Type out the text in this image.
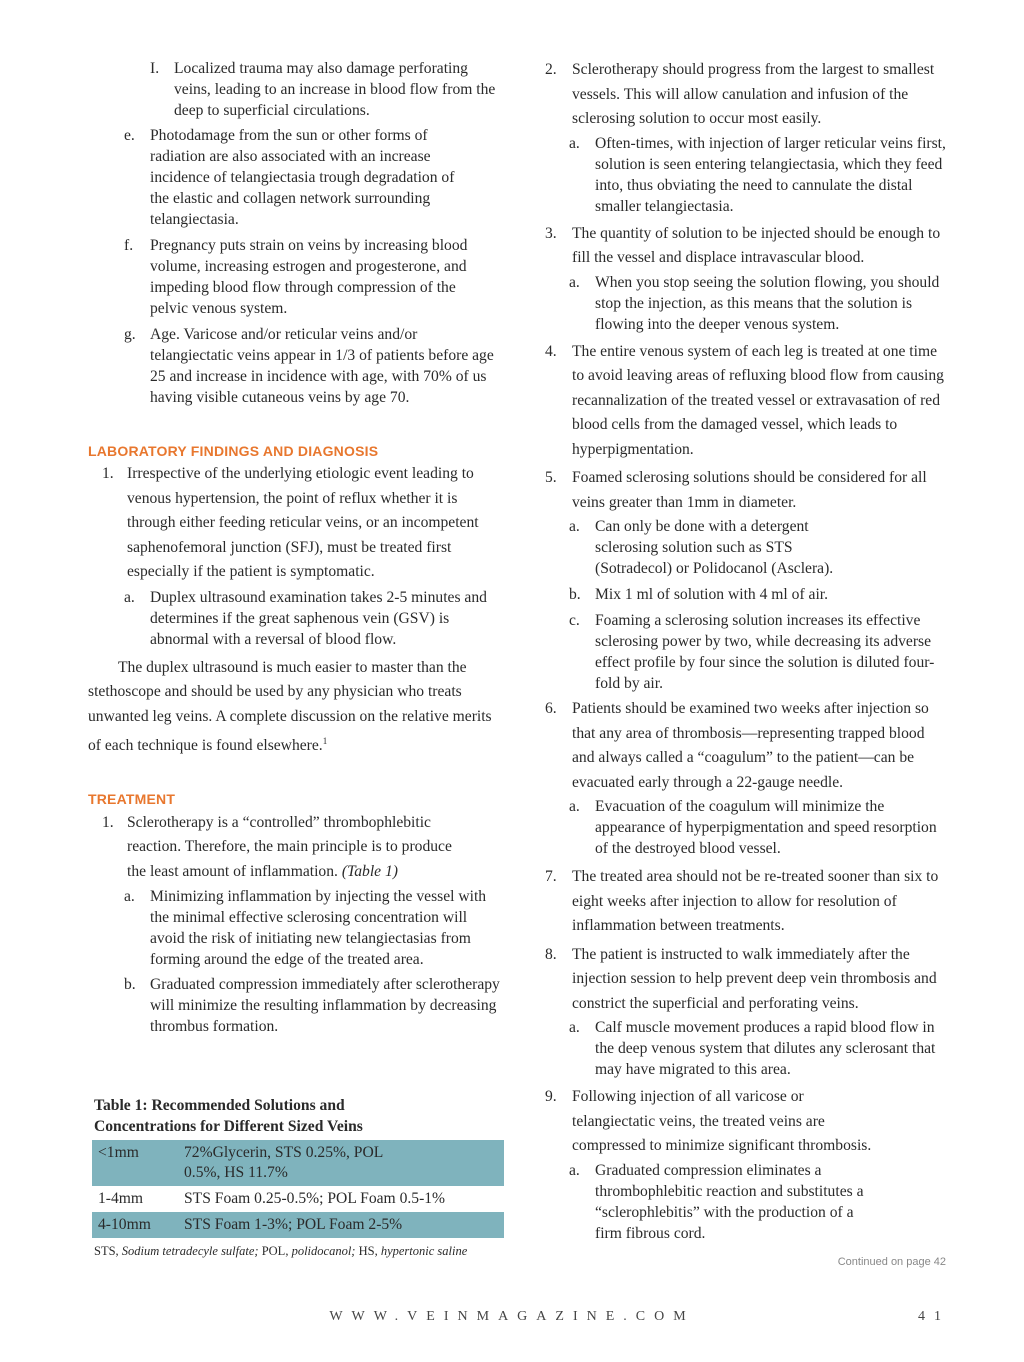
I. Localized trauma may also damage perforating veins, leading to an increase in blood flow from the deep to superficial circulations.
e. Photodamage from the sun or other forms of radiation are also associated with an increase incidence of telangiectasia trough degradation of the elastic and collagen network surrounding telangiectasia.
f.	Pregnancy puts strain on veins by increasing blood volume, increasing estrogen and progesterone, and impeding blood flow through compression of the pelvic venous system.
g. Age. Varicose and/or reticular veins and/or telangiectatic veins appear in 1/3 of patients before age 25 and increase in incidence with age, with 70% of us having visible cutaneous veins by age 70.
LABORATORY FINDINGS AND DIAGNOSIS
1. Irrespective of the underlying etiologic event leading to venous hypertension, the point of reflux whether it is through either feeding reticular veins, or an incompetent saphenofemoral junction (SFJ), must be treated first especially if the patient is symptomatic.
a. Duplex ultrasound examination takes 2-5 minutes and determines if the great saphenous vein (GSV) is abnormal with a reversal of blood flow.

The duplex ultrasound is much easier to master than the stethoscope and should be used by any physician who treats unwanted leg veins. A complete discussion on the relative merits of each technique is found elsewhere.$^1$

TREATMENT
1. Sclerotherapy is a “controlled” thrombophlebitic reaction. Therefore, the main principle is to produce the least amount of inflammation. (Table 1)
a. Minimizing inflammation by injecting the vessel with the minimal effective sclerosing concentration will avoid the risk of initiating new telangiectasias from forming around the edge of the treated area.
b. Graduated compression immediately after sclerotherapy will minimize the resulting inflammation by decreasing thrombus formation.

Table 1: Recommended Solutions and Concentrations for Different Sized Veins

<1mm	72%Glycerin, STS 0.25%, POL 0.5%, HS 11.7%
1-4mm	STS Foam 0.25-0.5%; POL Foam 0.5-1%
4-10mm	STS Foam 1-3%; POL Foam 2-5%

STS, Sodium tetradecyle sulfate; POL, polidocanol; HS, hypertonic saline

2. Sclerotherapy should progress from the largest to smallest vessels. This will allow canulation and infusion of the sclerosing solution to occur most easily.
a. Often-times, with injection of larger reticular veins first, solution is seen entering telangiectasia, which they feed into, thus obviating the need to cannulate the distal smaller telangiectasia.
3. The quantity of solution to be injected should be enough to fill the vessel and displace intravascular blood.
a. When you stop seeing the solution flowing, you should stop the injection, as this means that the solution is flowing into the deeper venous system.
4. The entire venous system of each leg is treated at one time to avoid leaving areas of refluxing blood flow from causing recannalization of the treated vessel or extravasation of red blood cells from the damaged vessel, which leads to hyperpigmentation.
5. Foamed sclerosing solutions should be considered for all veins greater than 1mm in diameter.
a. Can only be done with a detergent sclerosing solution such as STS (Sotradecol) or Polidocanol (Asclera).
b. Mix 1 ml of solution with 4 ml of air.
c. Foaming a sclerosing solution increases its effective sclerosing power by two, while decreasing its adverse effect profile by four since the solution is diluted four-fold by air.
6. Patients should be examined two weeks after injection so that any area of thrombosis—representing trapped blood and always called a “coagulum” to the patient—can be evacuated early through a 22-gauge needle.
a. Evacuation of the coagulum will minimize the appearance of hyperpigmentation and speed resorption of the destroyed blood vessel.
7. The treated area should not be re-treated sooner than six to eight weeks after injection to allow for resolution of inflammation between treatments.
8. The patient is instructed to walk immediately after the injection session to help prevent deep vein thrombosis and constrict the superficial and perforating veins.
a. Calf muscle movement produces a rapid blood flow in the deep venous system that dilutes any sclerosant that may have migrated to this area.
9. Following injection of all varicose or telangiectatic veins, the treated veins are compressed to minimize significant thrombosis.
a. Graduated compression eliminates a thrombophlebitic reaction and substitutes a “sclerophlebitis” with the production of a firm fibrous cord.
Continued on page 42
WWW.VEINMAGAZINE.COM	41
